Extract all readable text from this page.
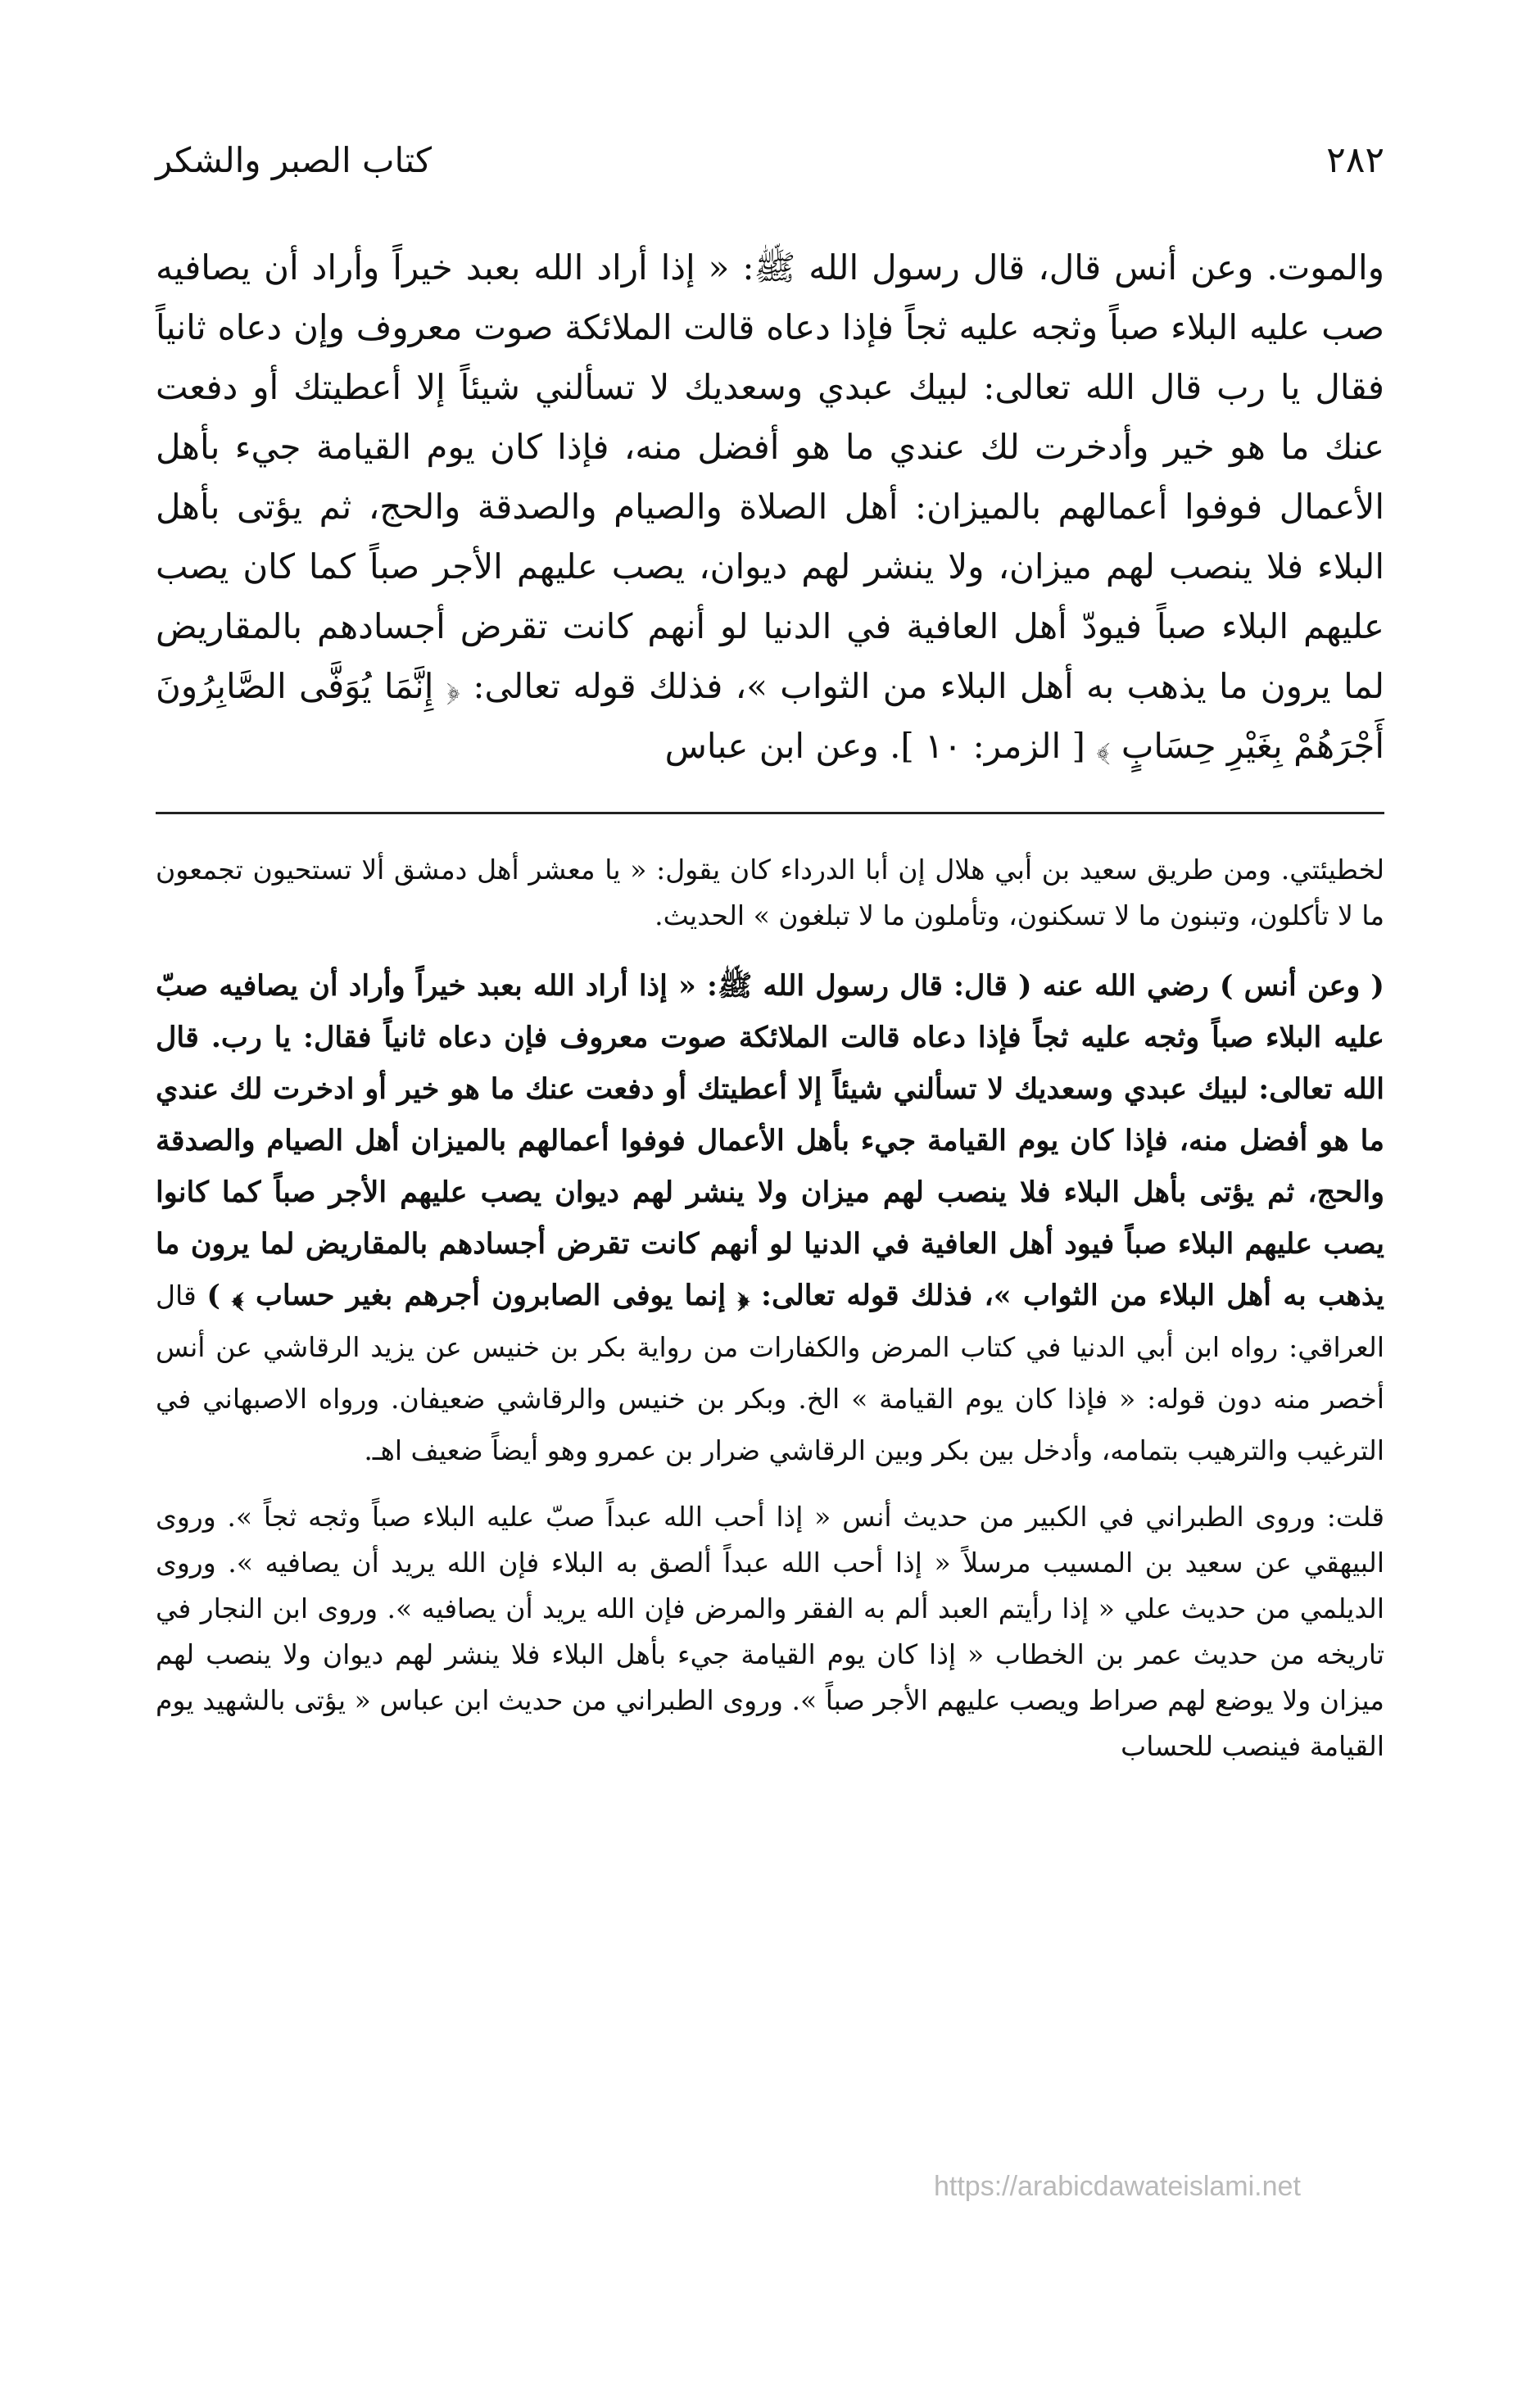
٢٨٢
كتاب الصبر والشكر

والموت. وعن أنس قال، قال رسول الله ﷺ: « إذا أراد الله بعبد خيراً وأراد أن يصافيه صب عليه البلاء صباً وثجه عليه ثجاً فإذا دعاه قالت الملائكة صوت معروف وإن دعاه ثانياً فقال يا رب قال الله تعالى: لبيك عبدي وسعديك لا تسألني شيئاً إلا أعطيتك أو دفعت عنك ما هو خير وأدخرت لك عندي ما هو أفضل منه، فإذا كان يوم القيامة جيء بأهل الأعمال فوفوا أعمالهم بالميزان: أهل الصلاة والصيام والصدقة والحج، ثم يؤتى بأهل البلاء فلا ينصب لهم ميزان، ولا ينشر لهم ديوان، يصب عليهم الأجر صباً كما كان يصب عليهم البلاء صباً فيودّ أهل العافية في الدنيا لو أنهم كانت تقرض أجسادهم بالمقاريض لما يرون ما يذهب به أهل البلاء من الثواب »، فذلك قوله تعالى: ﴿ إِنَّمَا يُوَفَّى الصَّابِرُونَ أَجْرَهُمْ بِغَيْرِ حِسَابٍ ﴾ [ الزمر: ١٠ ]. وعن ابن عباس

لخطيئتي. ومن طريق سعيد بن أبي هلال إن أبا الدرداء كان يقول: « يا معشر أهل دمشق ألا تستحيون تجمعون ما لا تأكلون، وتبنون ما لا تسكنون، وتأملون ما لا تبلغون » الحديث.

( وعن أنس ) رضي الله عنه ( قال: قال رسول الله ﷺ: « إذا أراد الله بعبد خيراً وأراد أن يصافيه صبّ عليه البلاء صباً وثجه عليه ثجاً فإذا دعاه قالت الملائكة صوت معروف فإن دعاه ثانياً فقال: يا رب. قال الله تعالى: لبيك عبدي وسعديك لا تسألني شيئاً إلا أعطيتك أو دفعت عنك ما هو خير أو ادخرت لك عندي ما هو أفضل منه، فإذا كان يوم القيامة جيء بأهل الأعمال فوفوا أعمالهم بالميزان أهل الصيام والصدقة والحج، ثم يؤتى بأهل البلاء فلا ينصب لهم ميزان ولا ينشر لهم ديوان يصب عليهم الأجر صباً كما كانوا يصب عليهم البلاء صباً فيود أهل العافية في الدنيا لو أنهم كانت تقرض أجسادهم بالمقاريض لما يرون ما يذهب به أهل البلاء من الثواب »، فذلك قوله تعالى: ﴿ إنما يوفى الصابرون أجرهم بغير حساب ﴾ ) قال العراقي: رواه ابن أبي الدنيا في كتاب المرض والكفارات من رواية بكر بن خنيس عن يزيد الرقاشي عن أنس أخصر منه دون قوله: « فإذا كان يوم القيامة » الخ. وبكر بن خنيس والرقاشي ضعيفان. ورواه الاصبهاني في الترغيب والترهيب بتمامه، وأدخل بين بكر وبين الرقاشي ضرار بن عمرو وهو أيضاً ضعيف اهـ.

قلت: وروى الطبراني في الكبير من حديث أنس « إذا أحب الله عبداً صبّ عليه البلاء صباً وثجه ثجاً ». وروى البيهقي عن سعيد بن المسيب مرسلاً « إذا أحب الله عبداً ألصق به البلاء فإن الله يريد أن يصافيه ». وروى الديلمي من حديث علي « إذا رأيتم العبد ألم به الفقر والمرض فإن الله يريد أن يصافيه ». وروى ابن النجار في تاريخه من حديث عمر بن الخطاب « إذا كان يوم القيامة جيء بأهل البلاء فلا ينشر لهم ديوان ولا ينصب لهم ميزان ولا يوضع لهم صراط ويصب عليهم الأجر صباً ». وروى الطبراني من حديث ابن عباس « يؤتى بالشهيد يوم القيامة فينصب للحساب

https://arabicdawateislami.net
